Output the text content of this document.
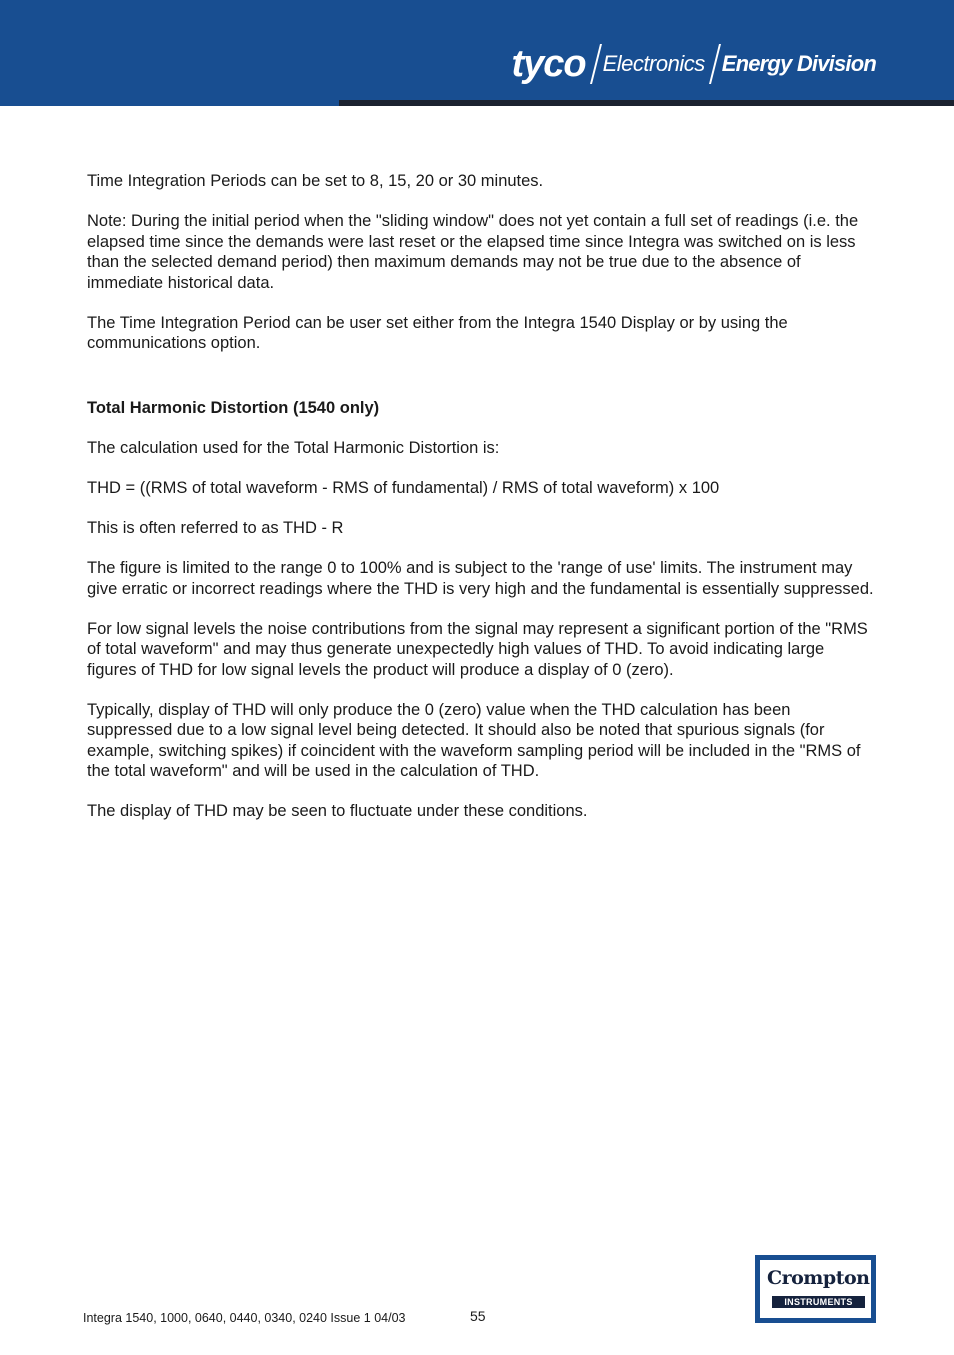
tyco Electronics Energy Division

Time Integration Periods can be set to 8, 15, 20 or 30 minutes.

Note: During the initial period when the "sliding window" does not yet contain a full set of readings (i.e. the elapsed time since the demands were last reset or the elapsed time since Integra was switched on is less than the selected demand period) then maximum demands may not be true due to the absence of immediate historical data.

The Time Integration Period can be user set either from the Integra 1540 Display or by using the communications option.

Total Harmonic Distortion (1540 only)

The calculation used for the Total Harmonic Distortion is:

THD = ((RMS of total waveform - RMS of fundamental) / RMS of total waveform) x 100

This is often referred to as THD - R

The figure is limited to the range 0 to 100% and is subject to the 'range of use' limits. The instrument may give erratic or incorrect readings where the THD is very high and the fundamental is essentially suppressed.

For low signal levels the noise contributions from the signal may represent a significant portion of the "RMS of total waveform" and may thus generate unexpectedly high values of THD. To avoid indicating large figures of THD for low signal levels the product will produce a display of 0 (zero).

Typically, display of THD will only produce the 0 (zero) value when the THD calculation has been suppressed due to a low signal level being detected. It should also be noted that spurious signals (for example, switching spikes) if coincident with the waveform sampling period will be included in the "RMS of the total waveform" and will be used in the calculation of THD.

The display of THD may be seen to fluctuate under these conditions.

Integra 1540, 1000, 0640, 0440, 0340, 0240 Issue 1 04/03	55
Crompton
INSTRUMENTS
